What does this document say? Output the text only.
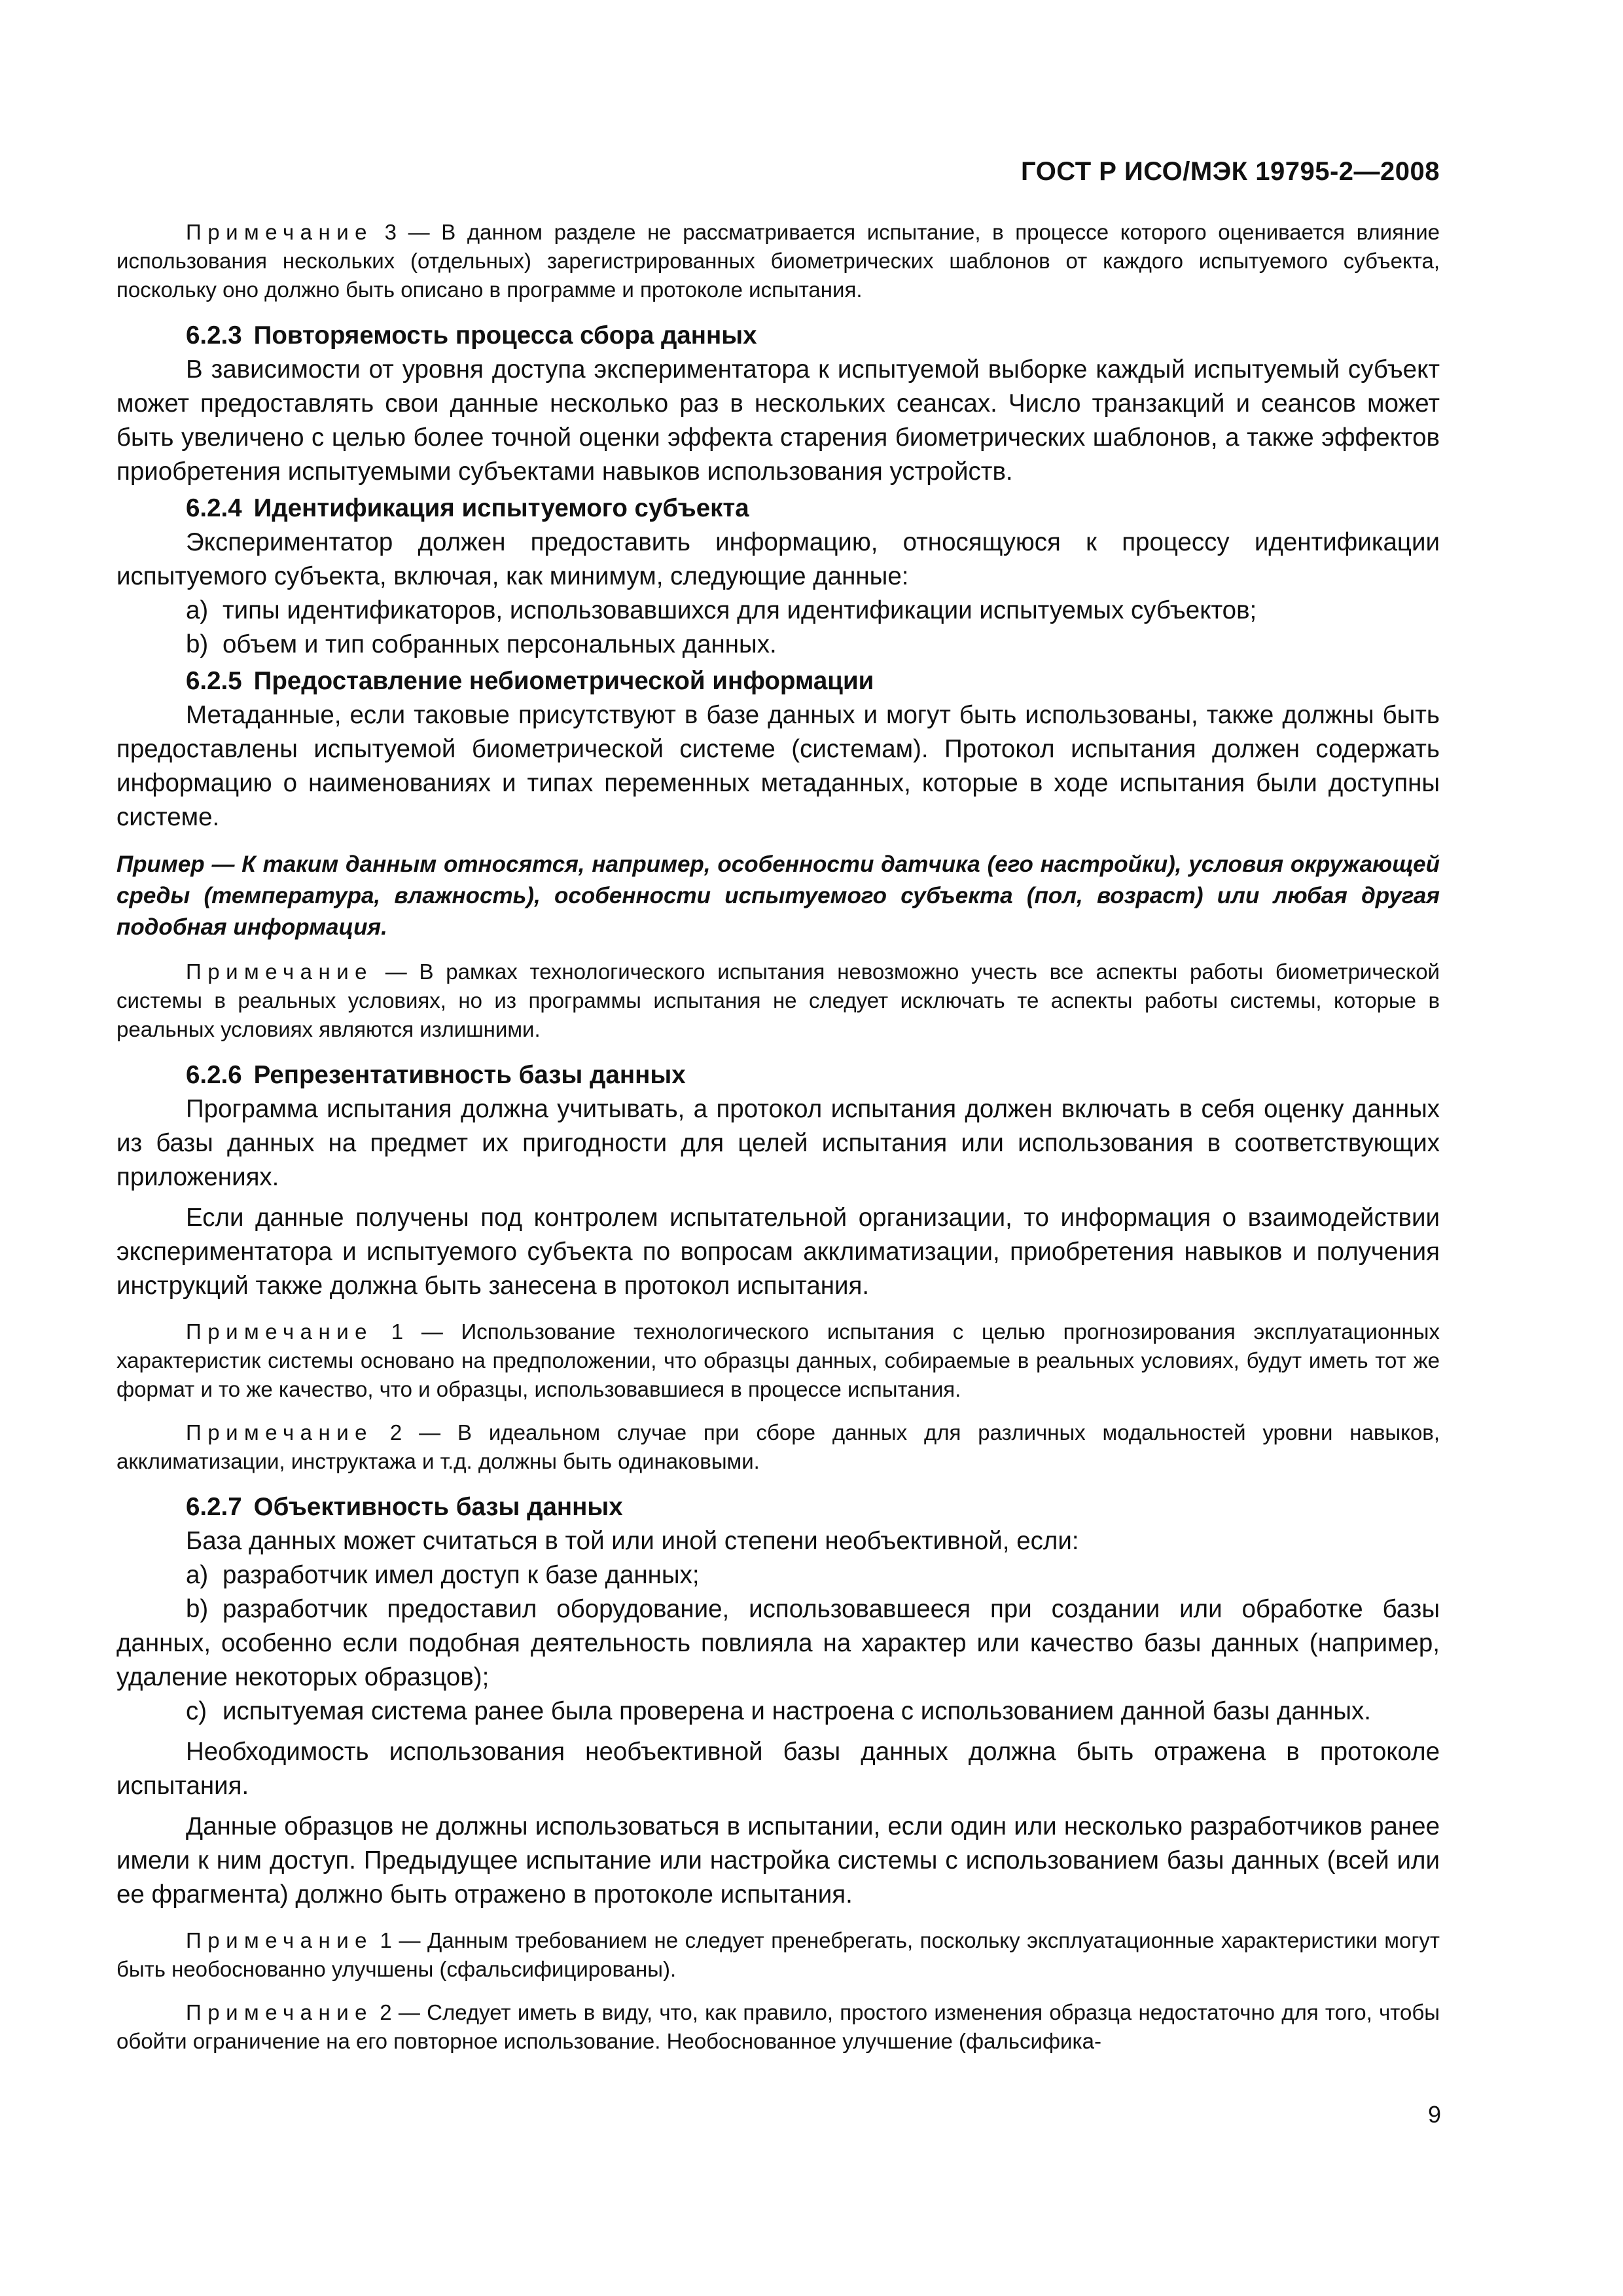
ГОСТ Р ИСО/МЭК 19795-2—2008

Примечание 3 — В данном разделе не рассматривается испытание, в процессе которого оценивается влияние использования нескольких (отдельных) зарегистрированных биометрических шаблонов от каждого испытуемого субъекта, поскольку оно должно быть описано в программе и протоколе испытания.

6.2.3 Повторяемость процесса сбора данных

В зависимости от уровня доступа экспериментатора к испытуемой выборке каждый испытуемый субъект может предоставлять свои данные несколько раз в нескольких сеансах. Число транзакций и сеансов может быть увеличено с целью более точной оценки эффекта старения биометрических шаблонов, а также эффектов приобретения испытуемыми субъектами навыков использования устройств.

6.2.4 Идентификация испытуемого субъекта

Экспериментатор должен предоставить информацию, относящуюся к процессу идентификации испытуемого субъекта, включая, как минимум, следующие данные:

a) типы идентификаторов, использовавшихся для идентификации испытуемых субъектов;

b) объем и тип собранных персональных данных.

6.2.5 Предоставление небиометрической информации

Метаданные, если таковые присутствуют в базе данных и могут быть использованы, также должны быть предоставлены испытуемой биометрической системе (системам). Протокол испытания должен содержать информацию о наименованиях и типах переменных метаданных, которые в ходе испытания были доступны системе.

Пример — К таким данным относятся, например, особенности датчика (его настройки), условия окружающей среды (температура, влажность), особенности испытуемого субъекта (пол, возраст) или любая другая подобная информация.

Примечание — В рамках технологического испытания невозможно учесть все аспекты работы биометрической системы в реальных условиях, но из программы испытания не следует исключать те аспекты работы системы, которые в реальных условиях являются излишними.

6.2.6 Репрезентативность базы данных

Программа испытания должна учитывать, а протокол испытания должен включать в себя оценку данных из базы данных на предмет их пригодности для целей испытания или использования в соответствующих приложениях.

Если данные получены под контролем испытательной организации, то информация о взаимодействии экспериментатора и испытуемого субъекта по вопросам акклиматизации, приобретения навыков и получения инструкций также должна быть занесена в протокол испытания.

Примечание 1 — Использование технологического испытания с целью прогнозирования эксплуатационных характеристик системы основано на предположении, что образцы данных, собираемые в реальных условиях, будут иметь тот же формат и то же качество, что и образцы, использовавшиеся в процессе испытания.

Примечание 2 — В идеальном случае при сборе данных для различных модальностей уровни навыков, акклиматизации, инструктажа и т.д. должны быть одинаковыми.

6.2.7 Объективность базы данных

База данных может считаться в той или иной степени необъективной, если:

a) разработчик имел доступ к базе данных;

b) разработчик предоставил оборудование, использовавшееся при создании или обработке базы данных, особенно если подобная деятельность повлияла на характер или качество базы данных (например, удаление некоторых образцов);

c) испытуемая система ранее была проверена и настроена с использованием данной базы данных.

Необходимость использования необъективной базы данных должна быть отражена в протоколе испытания.

Данные образцов не должны использоваться в испытании, если один или несколько разработчиков ранее имели к ним доступ. Предыдущее испытание или настройка системы с использованием базы данных (всей или ее фрагмента) должно быть отражено в протоколе испытания.

Примечание 1 — Данным требованием не следует пренебрегать, поскольку эксплуатационные характеристики могут быть необоснованно улучшены (сфальсифицированы).

Примечание 2 — Следует иметь в виду, что, как правило, простого изменения образца недостаточно для того, чтобы обойти ограничение на его повторное использование. Необоснованное улучшение (фальсифика-

9
